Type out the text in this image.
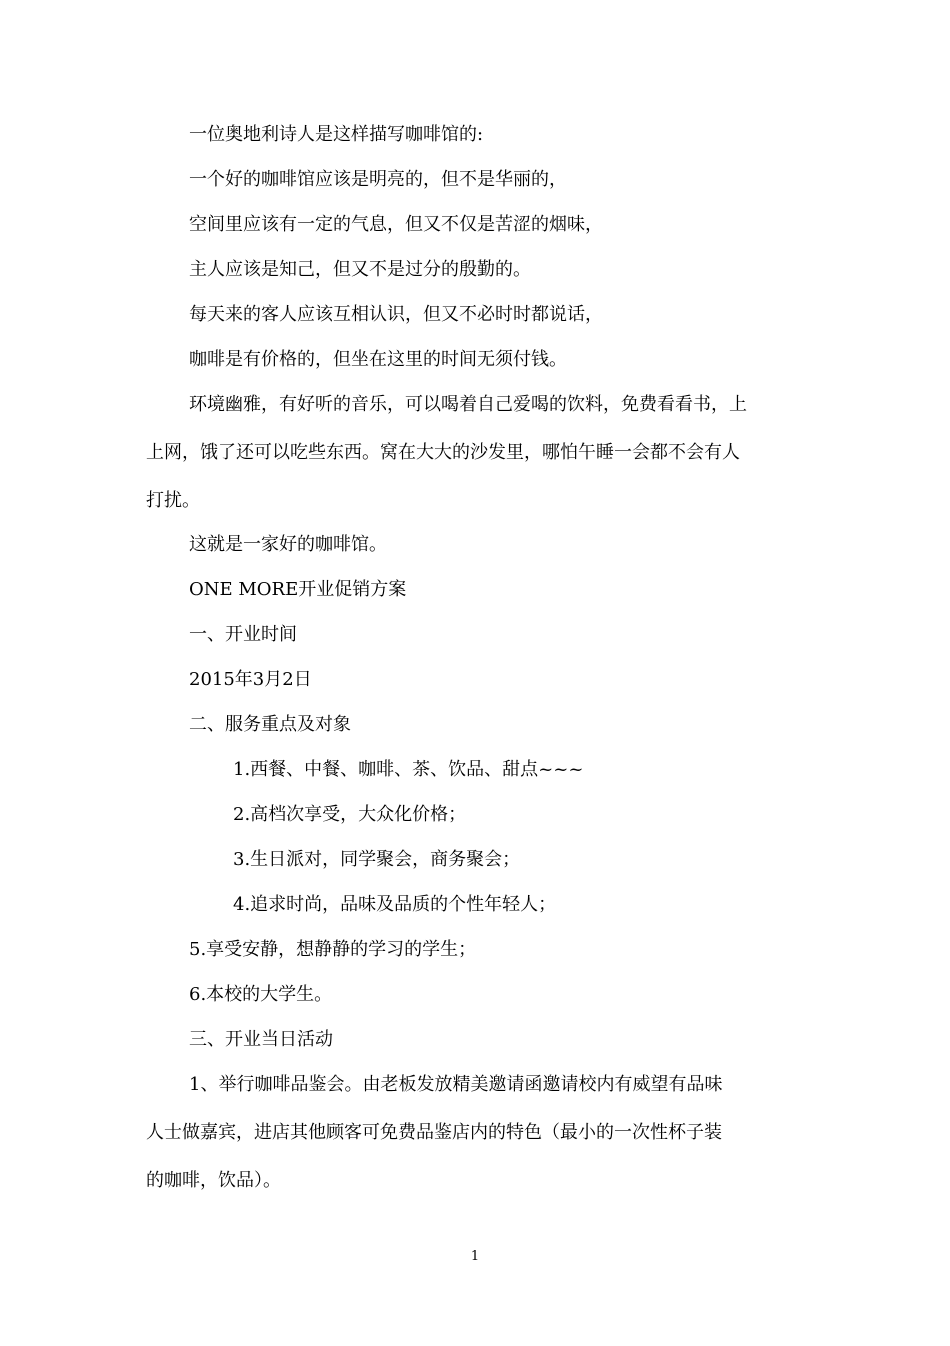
一位奥地利诗人是这样描写咖啡馆的:

一个好的咖啡馆应该是明亮的，但不是华丽的，

空间里应该有一定的气息，但又不仅是苦涩的烟味，

主人应该是知己，但又不是过分的殷勤的。

每天来的客人应该互相认识，但又不必时时都说话，

咖啡是有价格的，但坐在这里的时间无须付钱。

环境幽雅，有好听的音乐，可以喝着自己爱喝的饮料，免费看看书，上
上网，饿了还可以吃些东西。窝在大大的沙发里，哪怕午睡一会都不会有人
打扰。

这就是一家好的咖啡馆。

ONE MORE开业促销方案

一、开业时间

2015年3月2日

二、服务重点及对象

1.西餐、中餐、咖啡、茶、饮品、甜点~~~

2.高档次享受，大众化价格；

3.生日派对，同学聚会，商务聚会；

4.追求时尚，品味及品质的个性年轻人；

5.享受安静，想静静的学习的学生；

6.本校的大学生。

三、开业当日活动

1、举行咖啡品鉴会。由老板发放精美邀请函邀请校内有威望有品味
人士做嘉宾，进店其他顾客可免费品鉴店内的特色（最小的一次性杯子装
的咖啡，饮品）。
1
